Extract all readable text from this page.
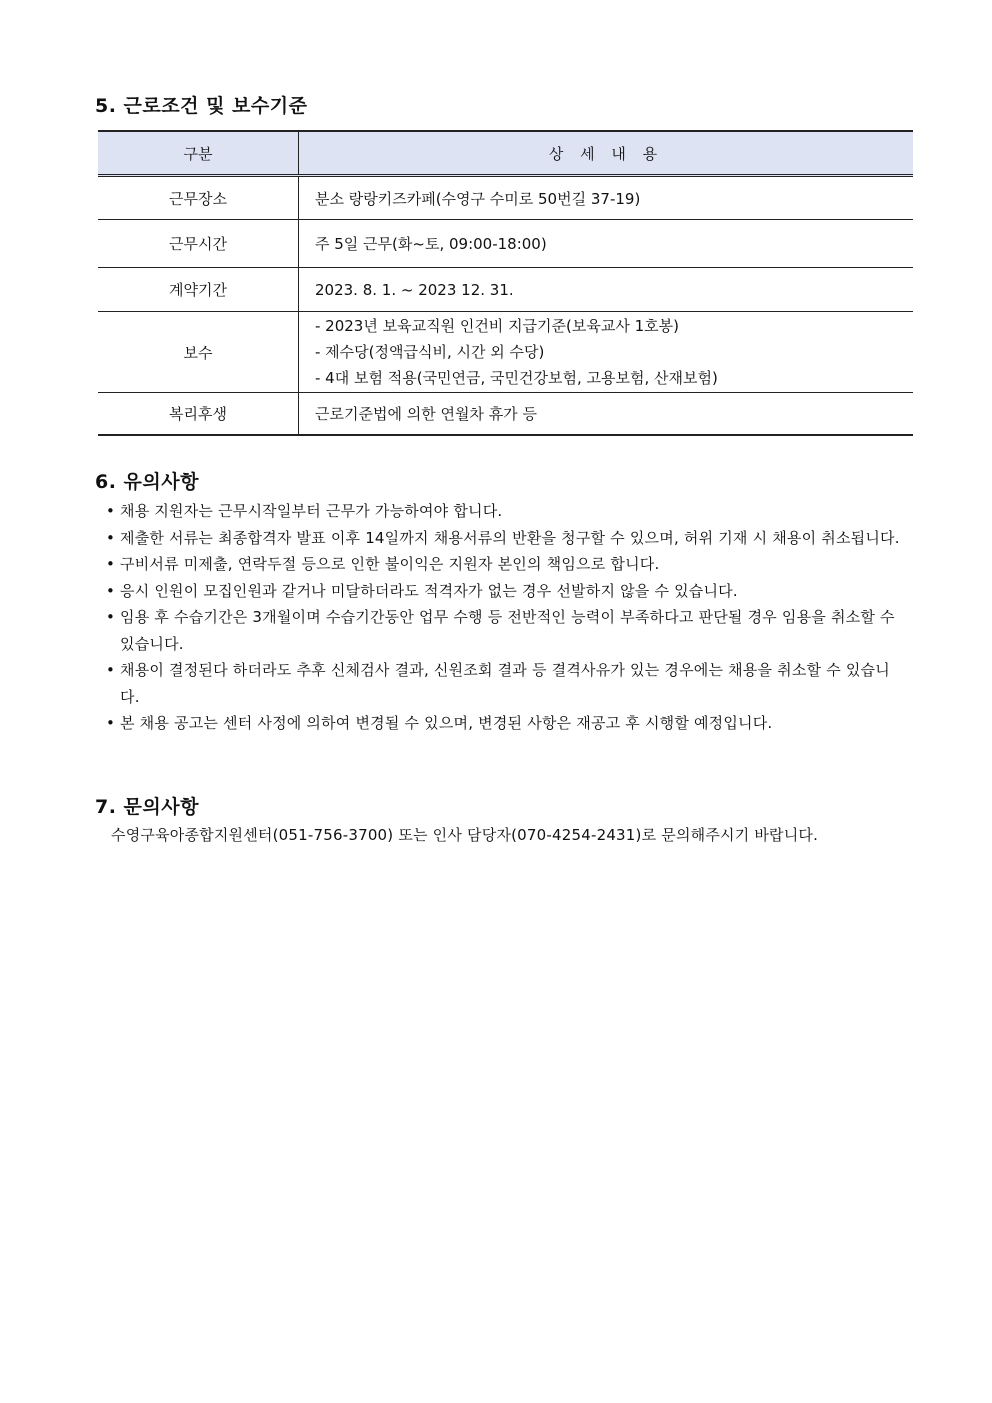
5. 근로조건 및 보수기준
구분	상 세 내 용
근무장소	분소 랑랑키즈카페(수영구 수미로 50번길 37-19)
근무시간	주 5일 근무(화~토, 09:00-18:00)
계약기간	2023. 8. 1. ~ 2023 12. 31.
보수	- 2023년 보육교직원 인건비 지급기준(보육교사 1호봉)
- 제수당(정액급식비, 시간 외 수당)
- 4대 보험 적용(국민연금, 국민건강보험, 고용보험, 산재보험)

복리후생	근로기준법에 의한 연월차 휴가 등
6. 유의사항
• 채용 지원자는 근무시작일부터 근무가 가능하여야 합니다.
• 제출한 서류는 최종합격자 발표 이후 14일까지 채용서류의 반환을 청구할 수 있으며, 허위 기재 시 채용이 취소됩니다.
• 구비서류 미제출, 연락두절 등으로 인한 불이익은 지원자 본인의 책임으로 합니다.
• 응시 인원이 모집인원과 같거나 미달하더라도 적격자가 없는 경우 선발하지 않을 수 있습니다.
• 임용 후 수습기간은 3개월이며 수습기간동안 업무 수행 등 전반적인 능력이 부족하다고 판단될 경우 임용을 취소할 수 있습니다.
• 채용이 결정된다 하더라도 추후 신체검사 결과, 신원조회 결과 등 결격사유가 있는 경우에는 채용을 취소할 수 있습니다.
• 본 채용 공고는 센터 사정에 의하여 변경될 수 있으며, 변경된 사항은 재공고 후 시행할 예정입니다.
7. 문의사항
수영구육아종합지원센터(051-756-3700) 또는 인사 담당자(070-4254-2431)로 문의해주시기 바랍니다.
